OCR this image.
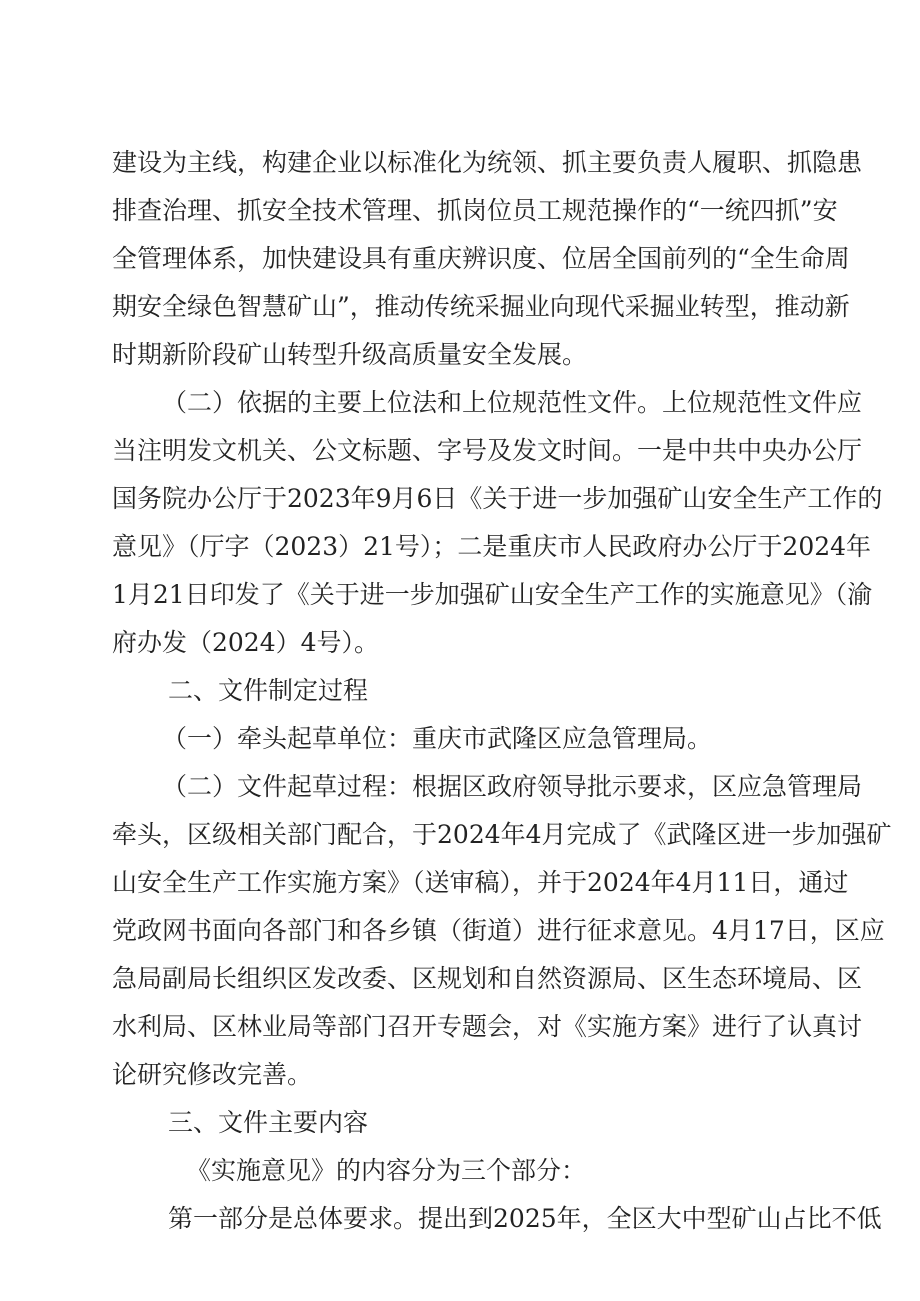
建设为主线，构建企业以标准化为统领、抓主要负责人履职、抓隐患
排查治理、抓安全技术管理、抓岗位员工规范操作的“一统四抓”安
全管理体系，加快建设具有重庆辨识度、位居全国前列的“全生命周
期安全绿色智慧矿山”，推动传统采掘业向现代采掘业转型，推动新
时期新阶段矿山转型升级高质量安全发展。
（二）依据的主要上位法和上位规范性文件。上位规范性文件应
当注明发文机关、公文标题、字号及发文时间。一是中共中央办公厅
国务院办公厅于2023年9月6日《关于进一步加强矿山安全生产工作的
意见》（厅字（2023）21号）；二是重庆市人民政府办公厅于2024年
1月21日印发了《关于进一步加强矿山安全生产工作的实施意见》（渝
府办发（2024）4号）。
二、文件制定过程
（一）牵头起草单位：重庆市武隆区应急管理局。
（二）文件起草过程：根据区政府领导批示要求，区应急管理局
牵头，区级相关部门配合，于2024年4月完成了《武隆区进一步加强矿
山安全生产工作实施方案》（送审稿），并于2024年4月11日，通过
党政网书面向各部门和各乡镇（街道）进行征求意见。4月17日，区应
急局副局长组织区发改委、区规划和自然资源局、区生态环境局、区
水利局、区林业局等部门召开专题会，对《实施方案》进行了认真讨
论研究修改完善。
三、文件主要内容
《实施意见》的内容分为三个部分：
第一部分是总体要求。提出到2025年，全区大中型矿山占比不低
